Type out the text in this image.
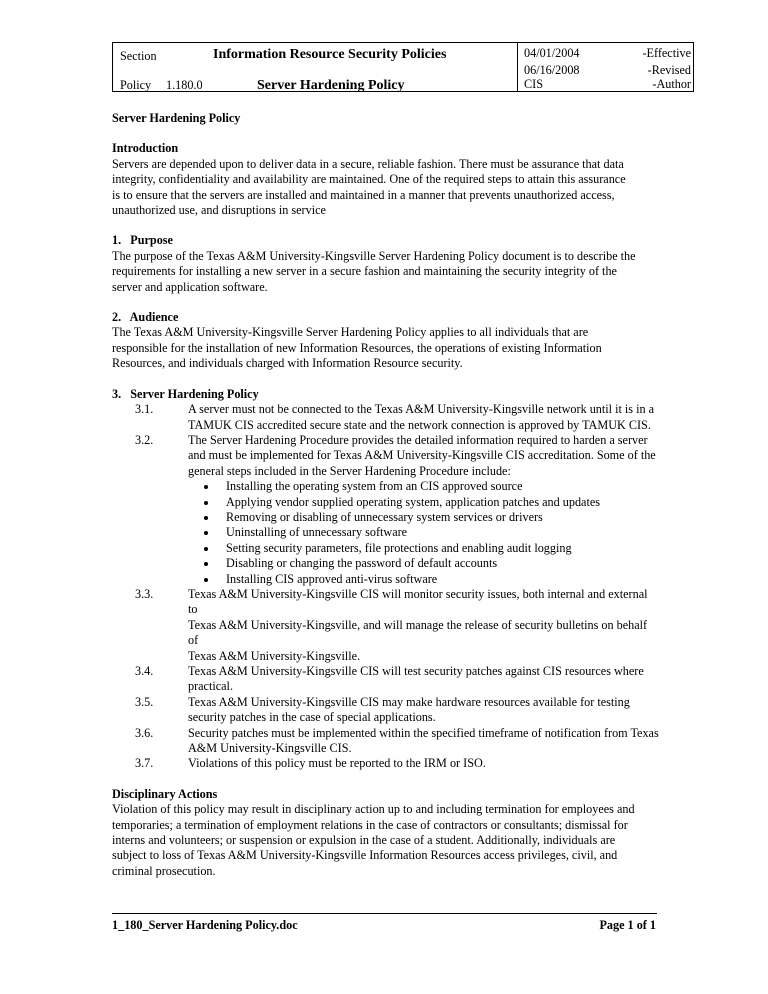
Section	Information Resource Security Policies
Policy 1.180.0	Server Hardening Policy
04/01/2004	-Effective
06/16/2008	-Revised
CIS	-Author

Server Hardening Policy

Introduction

Servers are depended upon to deliver data in a secure, reliable fashion. There must be assurance that data

integrity, confidentiality and availability are maintained. One of the required steps to attain this assurance

is to ensure that the servers are installed and maintained in a manner that prevents unauthorized access,

unauthorized use, and disruptions in service

1.   Purpose

The purpose of the Texas A&M University-Kingsville Server Hardening Policy document is to describe the

requirements for installing a new server in a secure fashion and maintaining the security integrity of the

server and application software.

2.   Audience

The Texas A&M University-Kingsville Server Hardening Policy applies to all individuals that are

responsible for the installation of new Information Resources, the operations of existing Information

Resources, and individuals charged with Information Resource security.

3.   Server Hardening Policy

3.1.	A server must not be connected to the Texas A&M University-Kingsville network until it is in a

TAMUK CIS accredited secure state and the network connection is approved by TAMUK CIS.

3.2.	The Server Hardening Procedure provides the detailed information required to harden a server

and must be implemented for Texas A&M University-Kingsville CIS accreditation. Some of the

general steps included in the Server Hardening Procedure include:

Installing the operating system from an CIS approved source
Applying vendor supplied operating system, application patches and updates
Removing or disabling of unnecessary system services or drivers
Uninstalling of unnecessary software
Setting security parameters, file protections and enabling audit logging
Disabling or changing the password of default accounts
Installing CIS approved anti-virus software
3.3.	Texas A&M University-Kingsville CIS will monitor security issues, both internal and external to

Texas A&M University-Kingsville, and will manage the release of security bulletins on behalf of

Texas A&M University-Kingsville.

3.4.	Texas A&M University-Kingsville CIS will test security patches against CIS resources where

practical.

3.5.	Texas A&M University-Kingsville CIS may make hardware resources available for testing

security patches in the case of special applications.

3.6.	Security patches must be implemented within the specified timeframe of notification from Texas

A&M University-Kingsville CIS.

3.7.	Violations of this policy must be reported to the IRM or ISO.

Disciplinary Actions

Violation of this policy may result in disciplinary action up to and including termination for employees and

temporaries; a termination of employment relations in the case of contractors or consultants; dismissal for

interns and volunteers; or suspension or expulsion in the case of a student. Additionally, individuals are

subject to loss of Texas A&M University-Kingsville Information Resources access privileges, civil, and

criminal prosecution.

1_180_Server Hardening Policy.doc	Page 1 of 1
